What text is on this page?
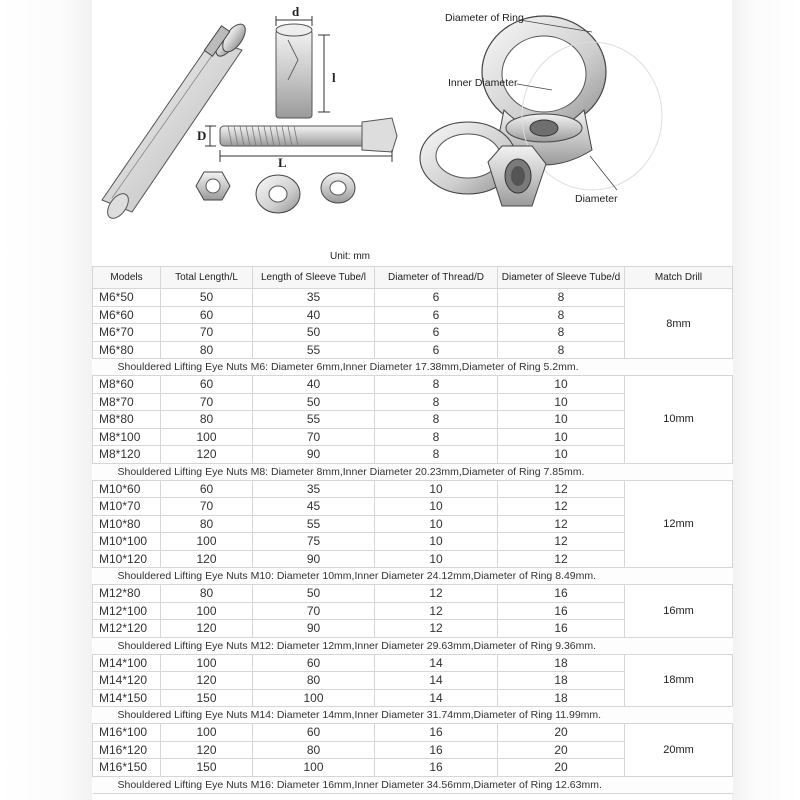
d
l
D
L
Diameter of Ring
Inner Diameter
Diameter
Unit: mm
Models	Total Length/L	Length of Sleeve Tube/l	Diameter of Thread/D	Diameter of Sleeve Tube/d	Match Drill
M6*50	50	35	6	8	8mm
M6*60	60	40	6	8	
M6*70	70	50	6	8	
M6*80	80	55	6	8	
Shouldered Lifting Eye Nuts M6: Diameter 6mm,Inner Diameter 17.38mm,Diameter of Ring 5.2mm.					
M8*60	60	40	8	10	10mm
M8*70	70	50	8	10	
M8*80	80	55	8	10	
M8*100	100	70	8	10	
M8*120	120	90	8	10	
Shouldered Lifting Eye Nuts M8: Diameter 8mm,Inner Diameter 20.23mm,Diameter of Ring 7.85mm.					
M10*60	60	35	10	12	12mm
M10*70	70	45	10	12	
M10*80	80	55	10	12	
M10*100	100	75	10	12	
M10*120	120	90	10	12	
Shouldered Lifting Eye Nuts M10: Diameter 10mm,Inner Diameter 24.12mm,Diameter of Ring 8.49mm.					
M12*80	80	50	12	16	16mm
M12*100	100	70	12	16	
M12*120	120	90	12	16	
Shouldered Lifting Eye Nuts M12: Diameter 12mm,Inner Diameter 29.63mm,Diameter of Ring 9.36mm.					
M14*100	100	60	14	18	18mm
M14*120	120	80	14	18	
M14*150	150	100	14	18	
Shouldered Lifting Eye Nuts M14: Diameter 14mm,Inner Diameter 31.74mm,Diameter of Ring 11.99mm.					
M16*100	100	60	16	20	20mm
M16*120	120	80	16	20	
M16*150	150	100	16	20	
Shouldered Lifting Eye Nuts M16: Diameter 16mm,Inner Diameter 34.56mm,Diameter of Ring 12.63mm.					
